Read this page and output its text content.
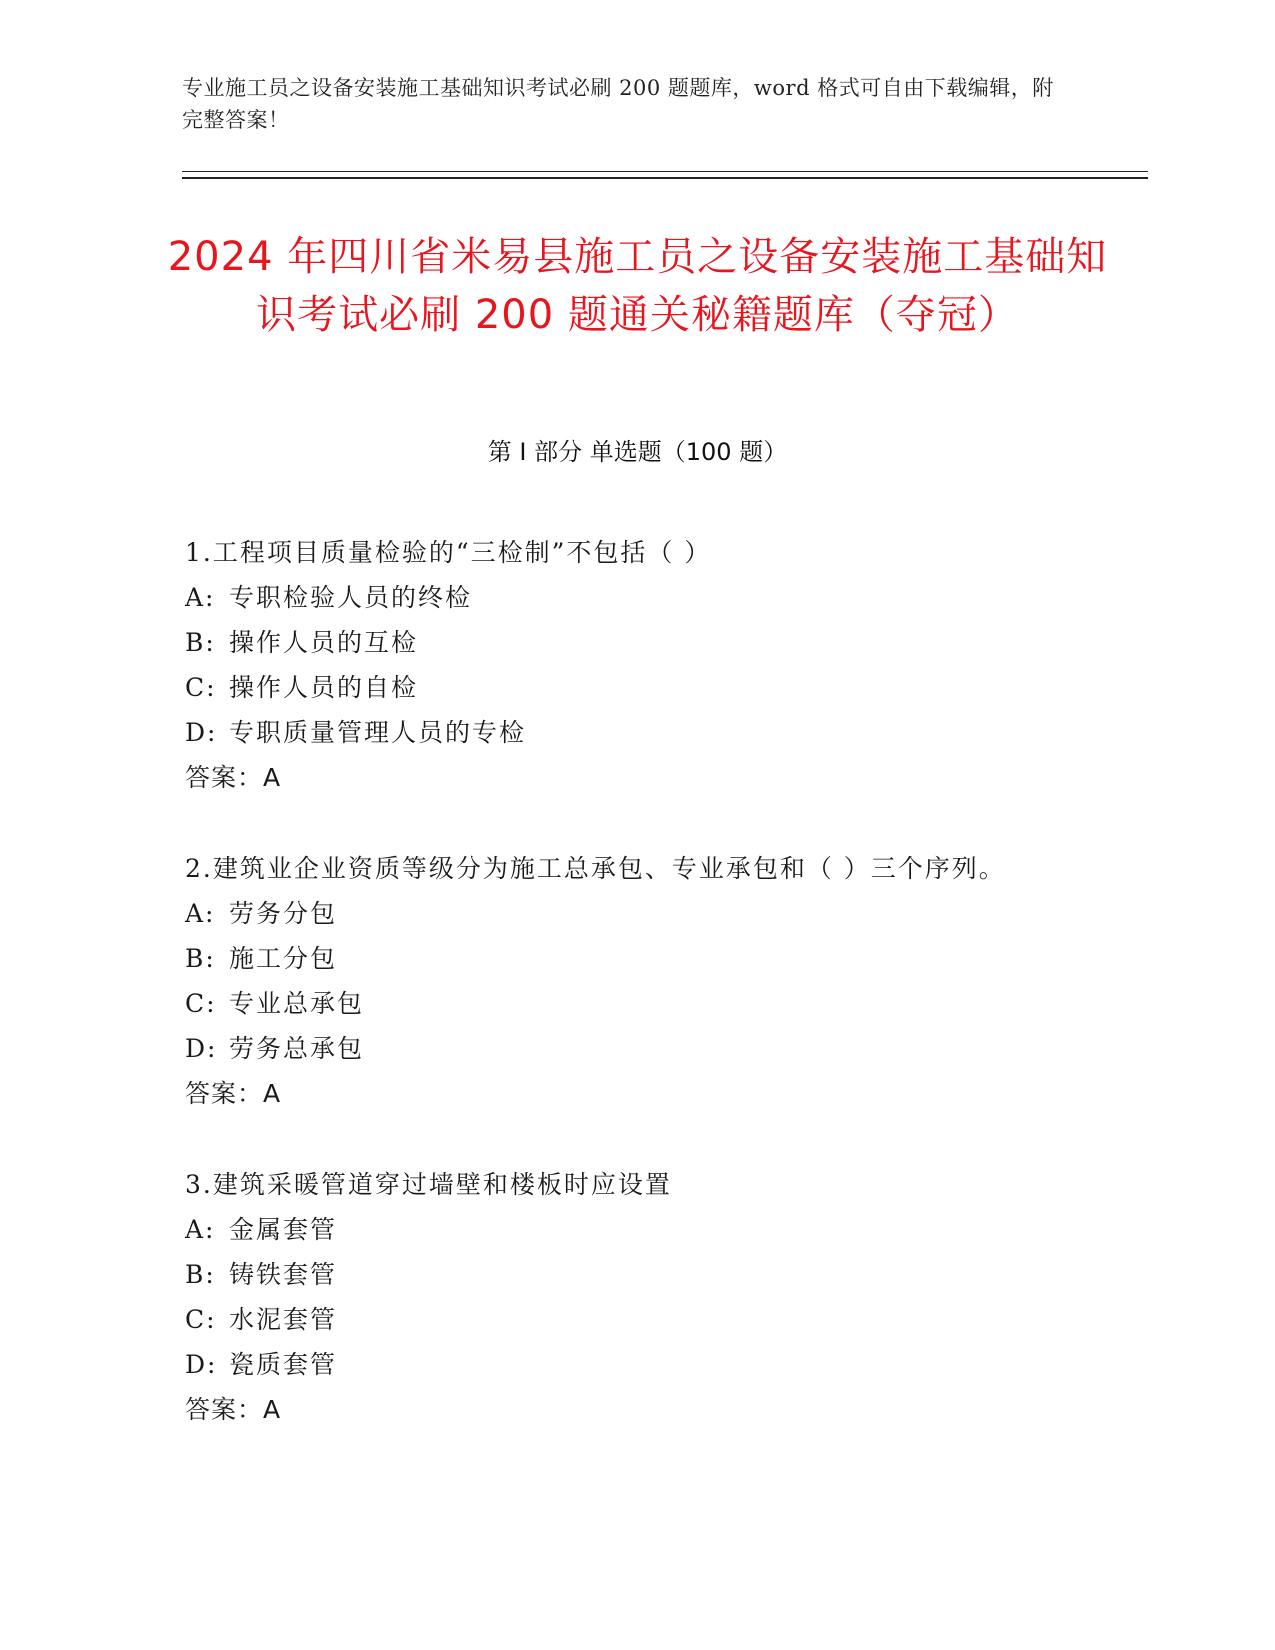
专业施工员之设备安装施工基础知识考试必刷 200 题题库，word 格式可自由下载编辑，附完整答案！
2024 年四川省米易县施工员之设备安装施工基础知识考试必刷 200 题通关秘籍题库（夺冠）
第 I 部分 单选题（100 题）
1.工程项目质量检验的“三检制”不包括（ ）
A: 专职检验人员的终检
B: 操作人员的互检
C: 操作人员的自检
D: 专职质量管理人员的专检
答案：A
2.建筑业企业资质等级分为施工总承包、专业承包和（ ）三个序列。
A: 劳务分包
B: 施工分包
C: 专业总承包
D: 劳务总承包
答案：A
3.建筑采暖管道穿过墙壁和楼板时应设置
A: 金属套管
B: 铸铁套管
C: 水泥套管
D: 瓷质套管
答案：A
